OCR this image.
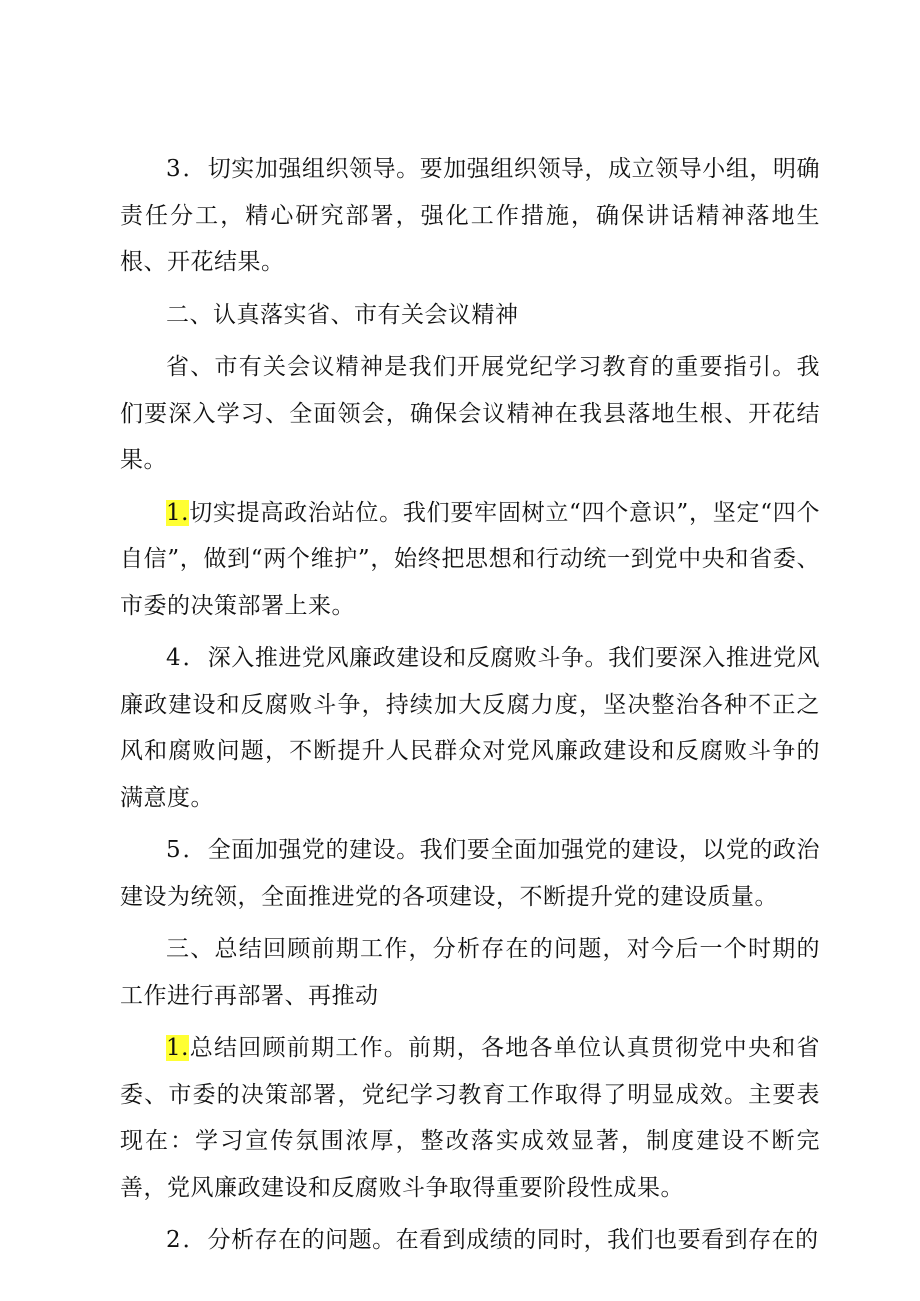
3．切实加强组织领导。要加强组织领导，成立领导小组，明确责任分工，精心研究部署，强化工作措施，确保讲话精神落地生根、开花结果。

二、认真落实省、市有关会议精神

省、市有关会议精神是我们开展党纪学习教育的重要指引。我们要深入学习、全面领会，确保会议精神在我县落地生根、开花结果。

1.切实提高政治站位。我们要牢固树立“四个意识”，坚定“四个自信”，做到“两个维护”，始终把思想和行动统一到党中央和省委、市委的决策部署上来。

4．深入推进党风廉政建设和反腐败斗争。我们要深入推进党风廉政建设和反腐败斗争，持续加大反腐力度，坚决整治各种不正之风和腐败问题，不断提升人民群众对党风廉政建设和反腐败斗争的满意度。

5．全面加强党的建设。我们要全面加强党的建设，以党的政治建设为统领，全面推进党的各项建设，不断提升党的建设质量。

三、总结回顾前期工作，分析存在的问题，对今后一个时期的工作进行再部署、再推动

1.总结回顾前期工作。前期，各地各单位认真贯彻党中央和省委、市委的决策部署，党纪学习教育工作取得了明显成效。主要表现在：学习宣传氛围浓厚，整改落实成效显著，制度建设不断完善，党风廉政建设和反腐败斗争取得重要阶段性成果。

2．分析存在的问题。在看到成绩的同时，我们也要看到存在的
